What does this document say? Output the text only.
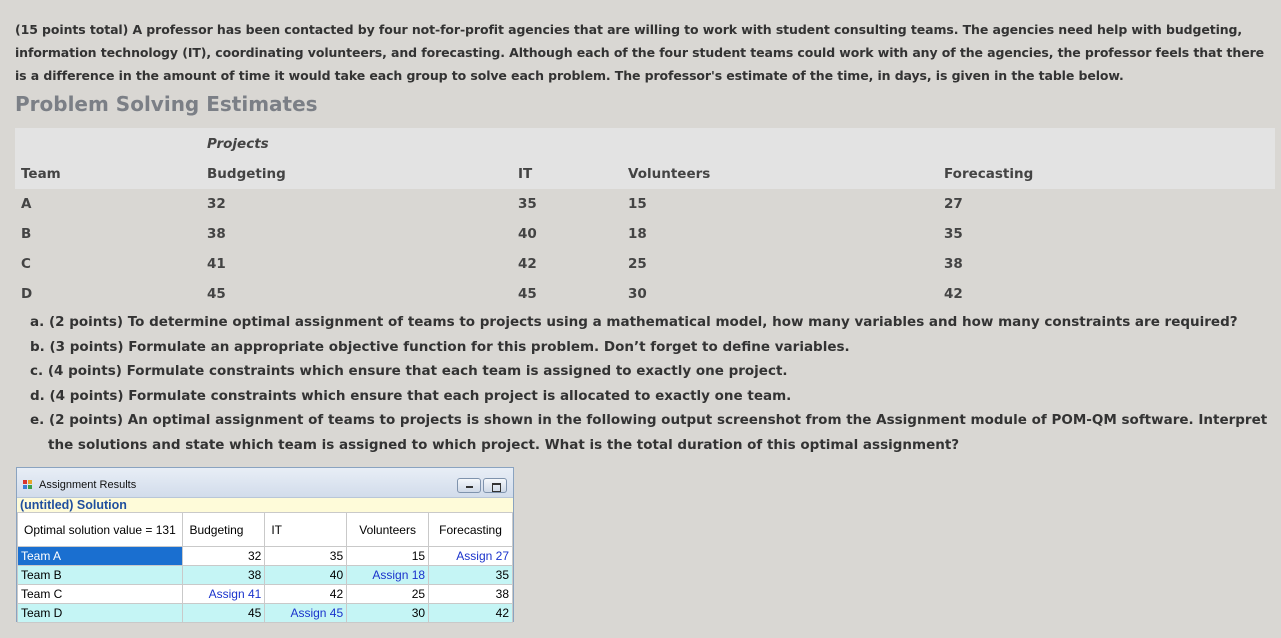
(15 points total) A professor has been contacted by four not-for-profit agencies that are willing to work with student consulting teams. The agencies need help with budgeting, information technology (IT), coordinating volunteers, and forecasting. Although each of the four student teams could work with any of the agencies, the professor feels that there is a difference in the amount of time it would take each group to solve each problem. The professor's estimate of the time, in days, is given in the table below.
Problem Solving Estimates
	Projects			
Team	Budgeting	IT	Volunteers	Forecasting
A	32	35	15	27
B	38	40	18	35
C	41	42	25	38
D	45	45	30	42
a. (2 points) To determine optimal assignment of teams to projects using a mathematical model, how many variables and how many constraints are required?
b. (3 points) Formulate an appropriate objective function for this problem. Don’t forget to define variables.
c. (4 points) Formulate constraints which ensure that each team is assigned to exactly one project.
d. (4 points) Formulate constraints which ensure that each project is allocated to exactly one team.
e. (2 points) An optimal assignment of teams to projects is shown in the following output screenshot from the Assignment module of POM-QM software. Interpret the solutions and state which team is assigned to which project. What is the total duration of this optimal assignment?
Assignment Results
(untitled) Solution
Optimal solution value = 131	Budgeting	IT	Volunteers	Forecasting
Team A	32	35	15	Assign 27
Team B	38	40	Assign 18	35
Team C	Assign 41	42	25	38
Team D	45	Assign 45	30	42
